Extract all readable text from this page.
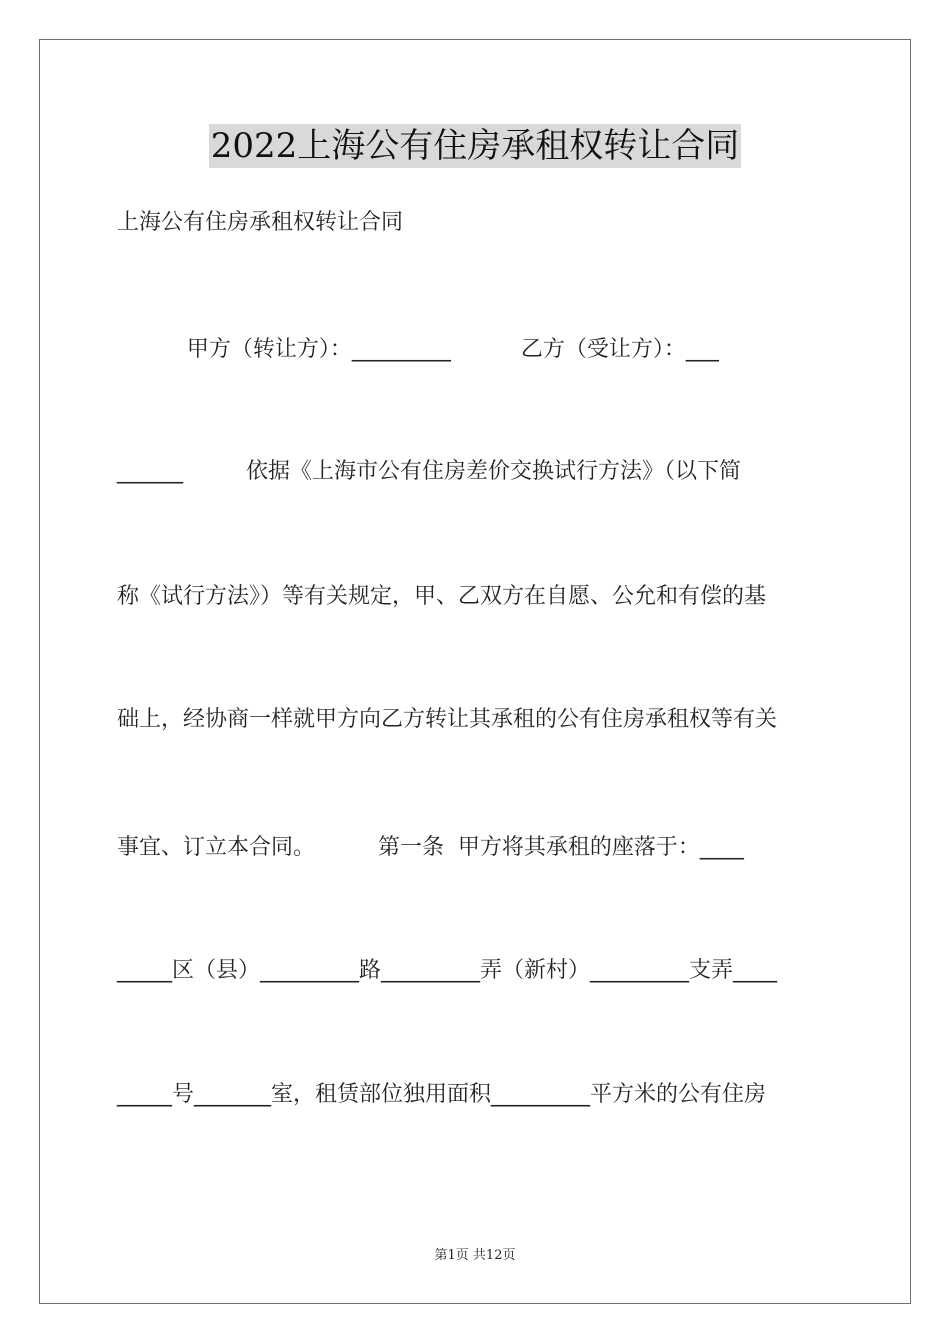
2022上海公有住房承租权转让合同
上海公有住房承租权转让合同
甲方（转让方）：_________          乙方（受让方）：___
______         依据《上海市公有住房差价交换试行方法》（以下简
称《试行方法》）等有关规定，甲、乙双方在自愿、公允和有偿的基
础上，经协商一样就甲方向乙方转让其承租的公有住房承租权等有关
事宜、订立本合同。         第一条  甲方将其承租的座落于：____
_____区（县）_________路_________弄（新村）_________支弄____
_____号_______室，租赁部位独用面积_________平方米的公有住房
第1页 共12页
